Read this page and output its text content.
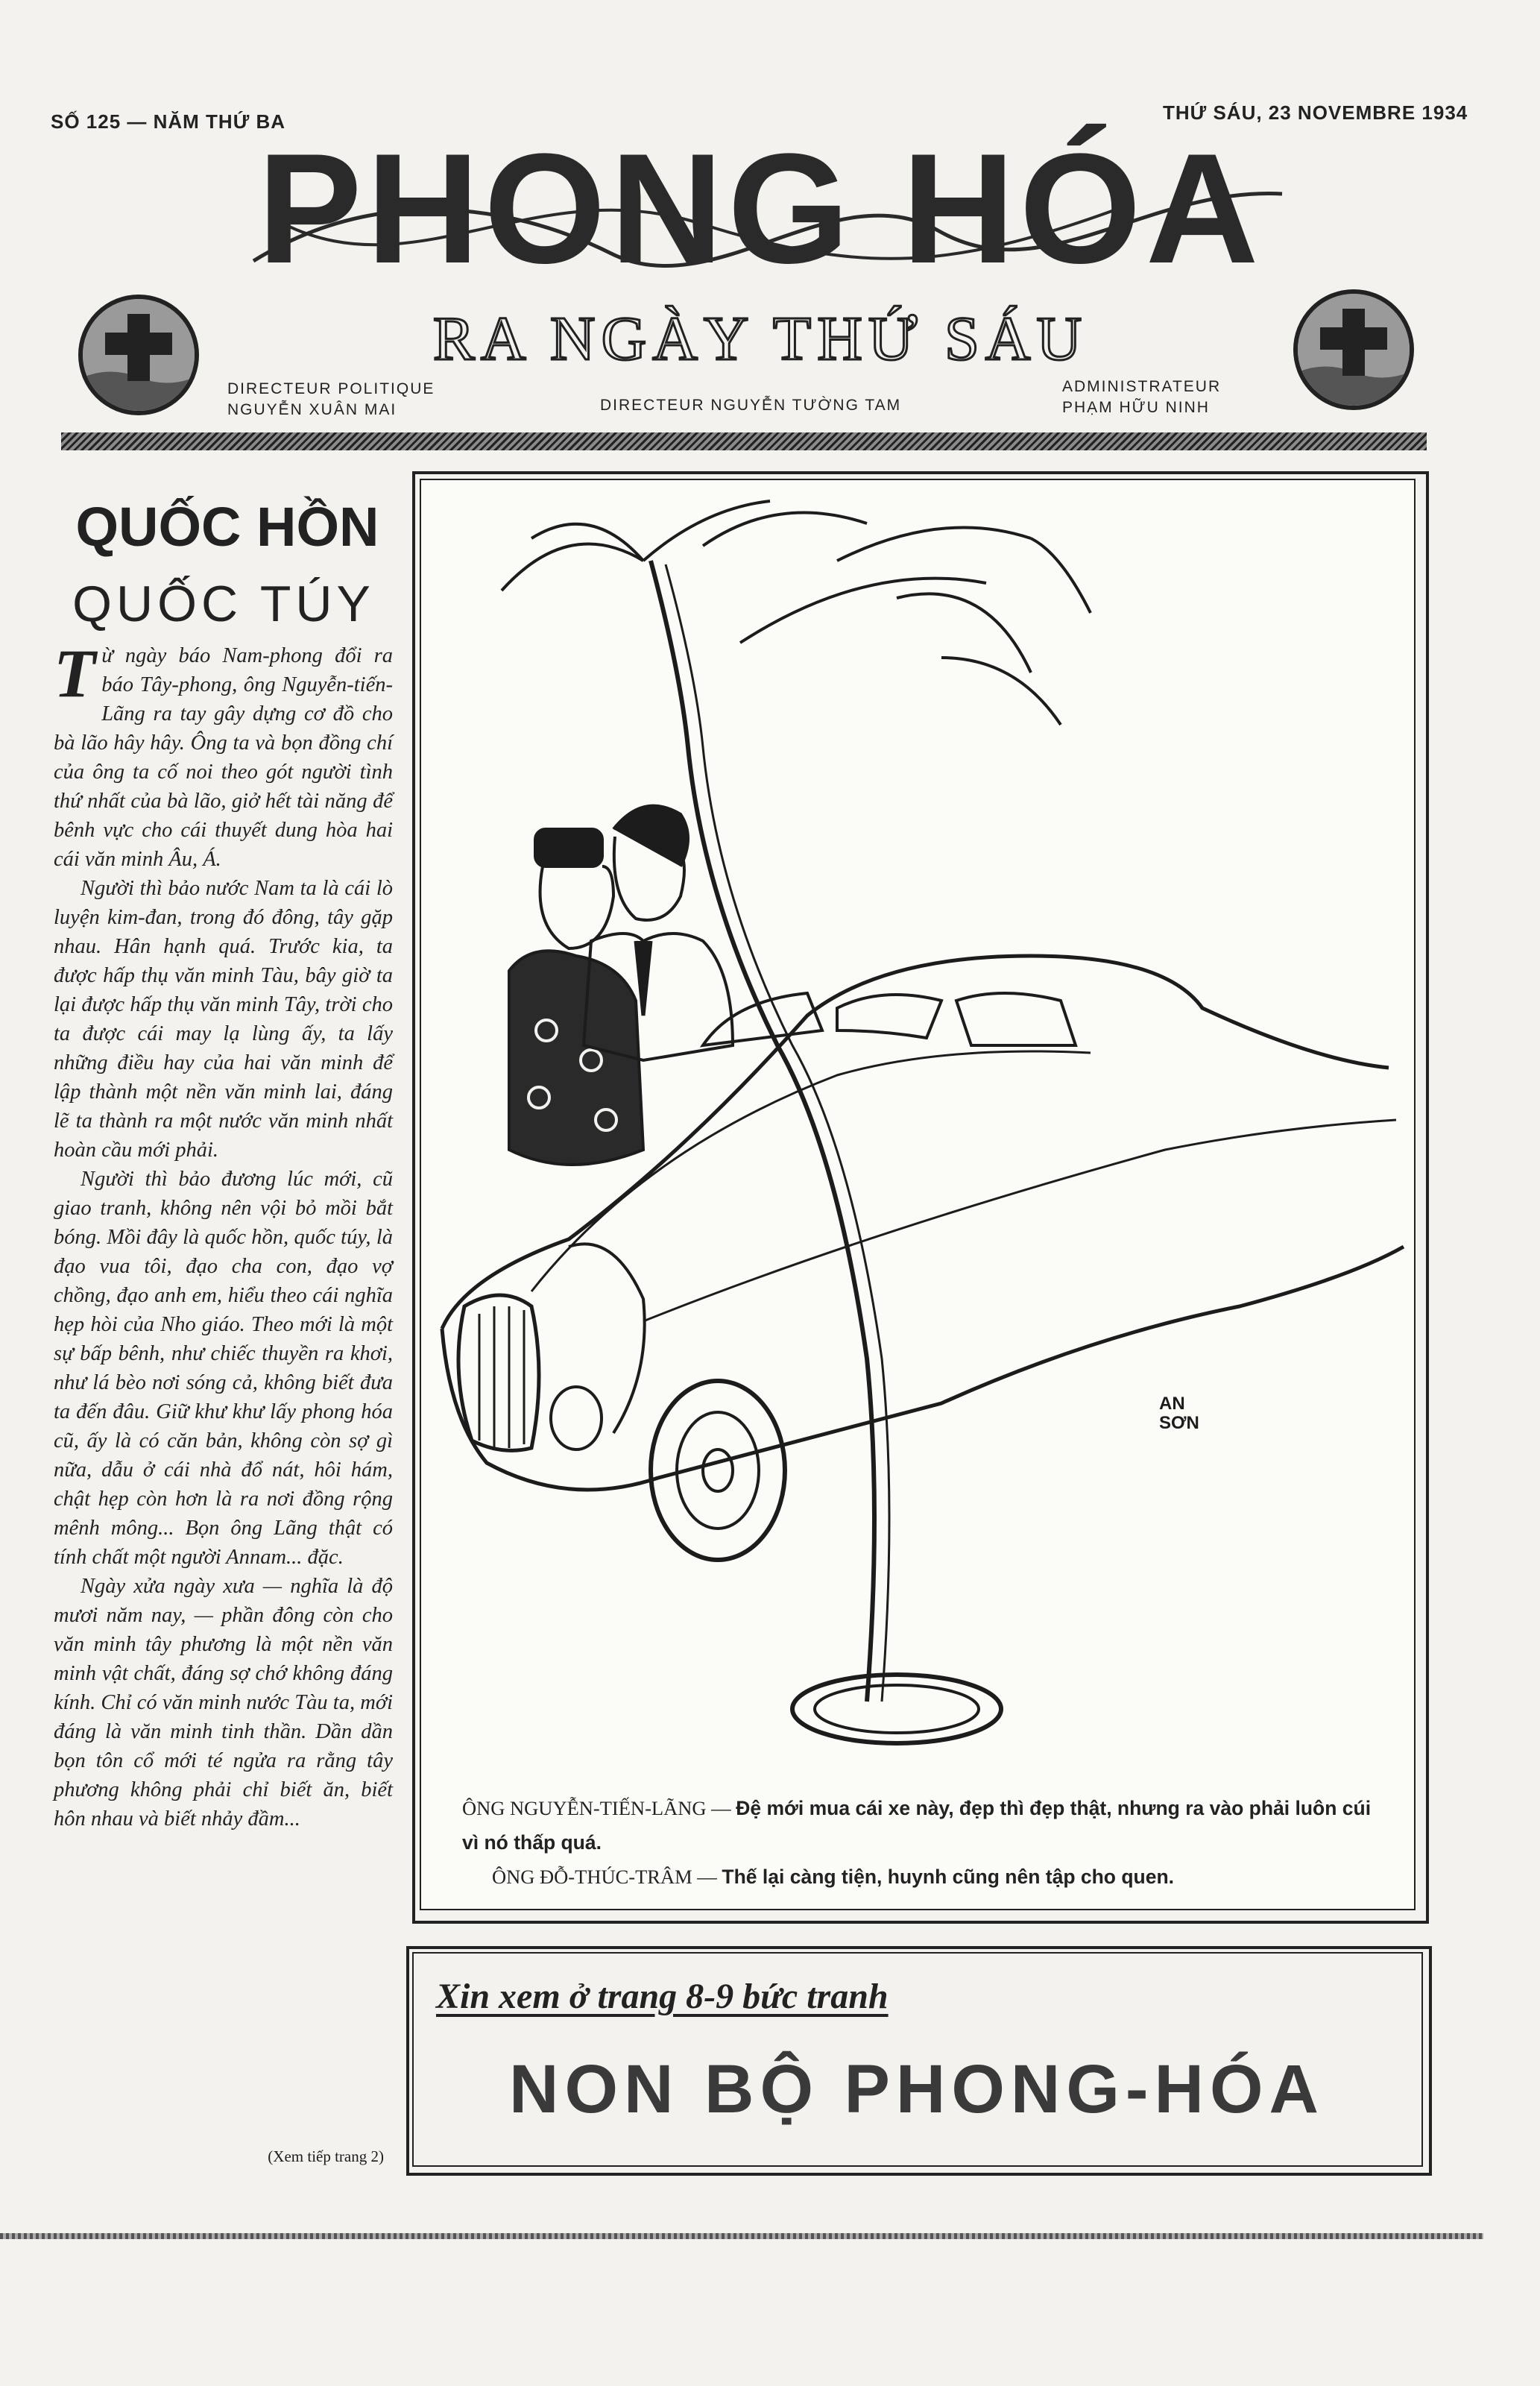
SỐ 125 — NĂM THỨ BA	THỨ SÁU, 23 NOVEMBRE 1934
PHONG HÓA
RA NGÀY THỨ SÁU
DIRECTEUR POLITIQUE
NGUYỄN XUÂN MAI	DIRECTEUR NGUYỄN TƯỜNG TAM
ADMINISTRATEUR
PHẠM HỮU NINH
QUỐC HỒN
QUỐC TÚY

Từ ngày báo Nam-phong đổi ra báo Tây-phong, ông Nguyễn-tiến-Lãng ra tay gây dựng cơ đồ cho bà lão hây hây. Ông ta và bọn đồng chí của ông ta cố noi theo gót người tình thứ nhất của bà lão, giở hết tài năng để bênh vực cho cái thuyết dung hòa hai cái văn minh Âu, Á.

Người thì bảo nước Nam ta là cái lò luyện kim-đan, trong đó đông, tây gặp nhau. Hân hạnh quá. Trước kia, ta được hấp thụ văn minh Tàu, bây giờ ta lại được hấp thụ văn minh Tây, trời cho ta được cái may lạ lùng ấy, ta lấy những điều hay của hai văn minh để lập thành một nền văn minh lai, đáng lẽ ta thành ra một nước văn minh nhất hoàn cầu mới phải.

Người thì bảo đương lúc mới, cũ giao tranh, không nên vội bỏ mồi bắt bóng. Mồi đây là quốc hồn, quốc túy, là đạo vua tôi, đạo cha con, đạo vợ chồng, đạo anh em, hiểu theo cái nghĩa hẹp hòi của Nho giáo. Theo mới là một sự bấp bênh, như chiếc thuyền ra khơi, như lá bèo nơi sóng cả, không biết đưa ta đến đâu. Giữ khư khư lấy phong hóa cũ, ấy là có căn bản, không còn sợ gì nữa, dẫu ở cái nhà đổ nát, hôi hám, chật hẹp còn hơn là ra nơi đồng rộng mênh mông... Bọn ông Lãng thật có tính chất một người Annam... đặc.

Ngày xửa ngày xưa — nghĩa là độ mươi năm nay, — phần đông còn cho văn minh tây phương là một nền văn minh vật chất, đáng sợ chớ không đáng kính. Chỉ có văn minh nước Tàu ta, mới đáng là văn minh tinh thần. Dần dần bọn tôn cổ mới té ngửa ra rằng tây phương không phải chỉ biết ăn, biết hôn nhau và biết nhảy đầm...

(Xem tiếp trang 2)
AN SƠN

ÔNG NGUYỄN-TIẾN-LÃNG — Đệ mới mua cái xe này, đẹp thì đẹp thật, nhưng ra vào phải luôn cúi vì nó thấp quá.

ÔNG ĐỖ-THÚC-TRÂM — Thế lại càng tiện, huynh cũng nên tập cho quen.

Xin xem ở trang 8-9 bức tranh
NON BỘ PHONG-HÓA
